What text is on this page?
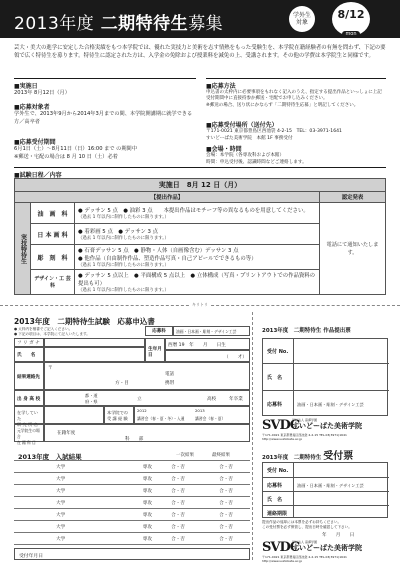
2013年度 二期特待生募集	学外生
対象
8/12
mon
芸大・美大の進学に安定した合格実績をもつ本学院では、優れた実技力と美術を志す情熱をもった受験生を、本学院在籍経験者の有無を問わず、下記の要領で広く特待生を募ります。特待生に認定された方は、入学金の免除および授業料を減免の上、受講されます。その他の学費は本学院生と同様です。
■実施日
2013年 8月12日（月）
■応募対象者
学外生で、2013年9月から2014年3月までの間、本学院開講期に就学できる方／高卒者
■応募受付期間
6月1日（土）〜8月11日（日）16:00 まで の期間中
※郵送・宅配の場合は 8 月 10 日（土）必着
■応募方法
申込書の太枠内に必要事項をもれなく記入のうえ、指定する提出作品といっしょに上記受付期間中に直接持参か郵送・宅配でお申し込みください。
※郵送の場合、送り状にかならず「二期特待生応募」と明記してください。
■応募受付場所（送付先）
〒171-0021 東京都豊島区西池袋 4-2-15　TEL：03-3971-1641
すいどーばた美術学院　本館 1F 事務受付
■会場・時間
会場：本学院（各専攻科および本館）
時間：申込受付後、認識時間などご連絡します。
■試験日程／内容
実施日　8月 12 日（月）			
【提出作品】			認定発表
実技特待生	油　画　科	● デッサン 5 点　● 油彩 3 点　　本提出作品はモチーフ等の異なるものを用意してください。
（過去 1 年以内に制作したものに限ります。）	電話にて通知いたします。
	日 本 画 科	● 着彩画 5 点　● デッサン 3 点
（過去 1 年以内に制作したものに限ります。）	

	彫　刻　科	● 石膏デッサン 5 点　● 静物・人体（自画像含む）デッサン 3 点
● 他作品（自由制作作品、塑造作品写真・自己アピールでできるもの等）
（過去 1 年以内に制作したものに限ります。）	

	デザイン・工 芸 科	● デッサン 5 点以上　● 平面構成 5 点以上　● 立体構成（写真・プリントアウトでの作品資料の提出も可）
（過去 1 年以内に制作したものに限ります。）	
キリトリ
2013年度　二期特待生試験　応募申込書
● 太枠内を楷書でご記入ください。
● 下記の項目は、本学院にて記入いたします。	応募科	油画・日本画・彫刻・デザイン工芸
フ リ ガ ナ
氏　　名
生年月日
西暦 19　年　　月　　日生
（　　才）
結果連絡先
〒
方・目
電話
携帯
出 身 高 校
都・道
府・県	立	高校	年卒業
在学していた
研 究 所 名
本学院での
受 講 経 験
2012	2013
講習会（春・夏・冬）・入通	講習会（春・夏）
元学院生の場合
在 籍 科 目
在籍年度
科　　部
2013年度　入試結果	一次結果	最終結果
	大学	専攻	合・否	合・否
	大学	専攻	合・否	合・否
	大学	専攻	合・否	合・否
	大学	専攻	合・否	合・否
	大学	専攻	合・否	合・否
	大学	専攻	合・否	合・否
	大学	専攻	合・否	合・否
受付年月日
2013年度　二期特待生 作品提出票
受付 No.
氏　名
応募科	油画・日本画・彫刻・デザイン工芸
SVDC
学校法人 高澤学園
すいどーばた美術学院
〒171-0021 東京都豊島区西池袋 4-2-15 TEL.03(3971)1641　http://www.suidobata.ac.jp
2013年度　二期特待生 受付票
受付 No.
応募科	油画・日本画・彫刻・デザイン工芸
氏　名
連絡期限
提出作品の返却には本票を必ずお持ちください。
この受付票を必ず保管し、提出日時を確認して下さい。
年　　月　　日
SVDC
学校法人 高澤学園
すいどーばた美術学院
〒171-0021 東京都豊島区西池袋 4-2-15 TEL.03(3971)1641　http://www.suidobata.ac.jp
